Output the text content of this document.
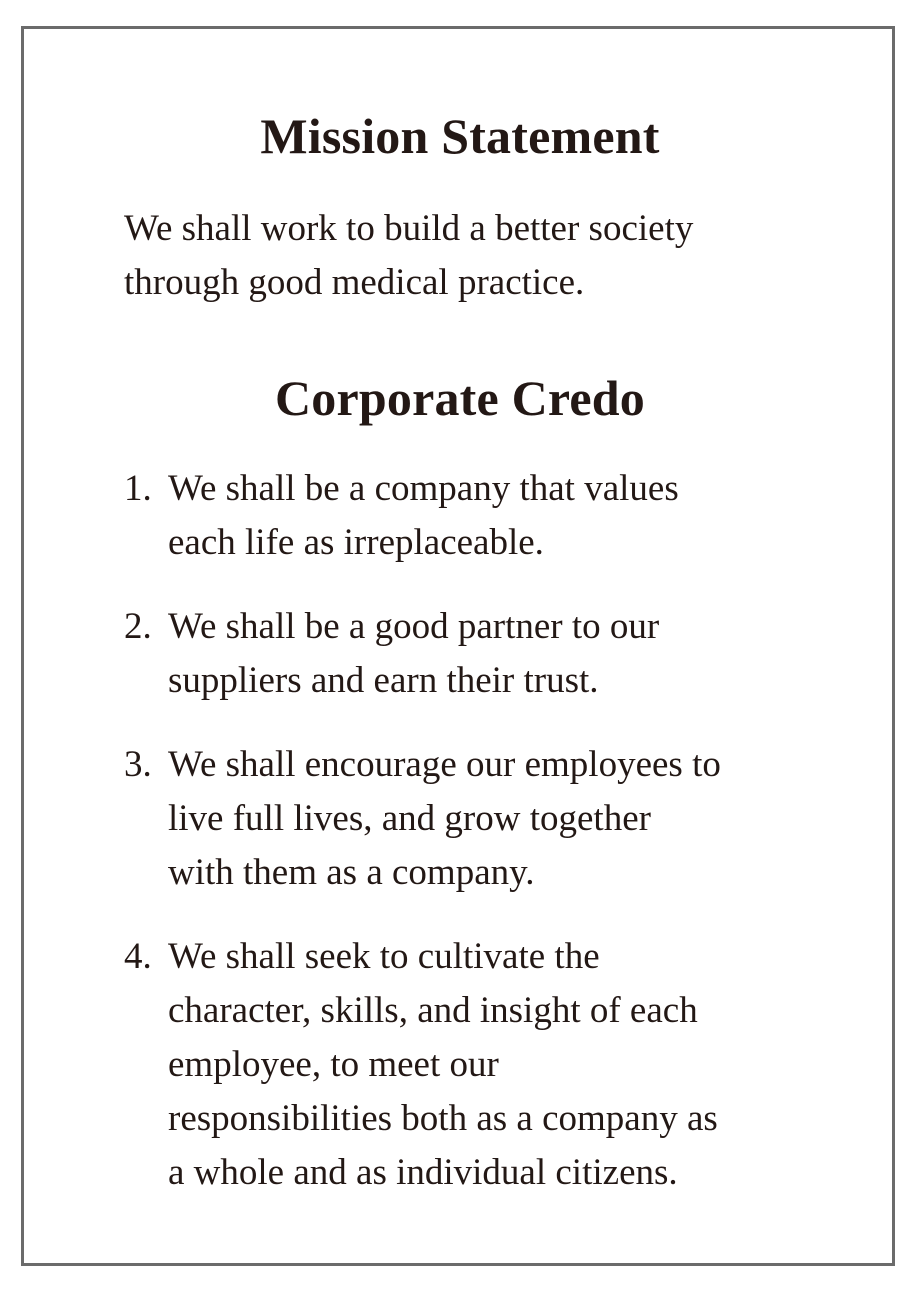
Mission Statement

We shall work to build a better society
through good medical practice.

Corporate Credo
1. We shall be a company that values
each life as irreplaceable.
2. We shall be a good partner to our
suppliers and earn their trust.
3. We shall encourage our employees to
live full lives, and grow together
with them as a company.
4. We shall seek to cultivate the
character, skills, and insight of each
employee, to meet our
responsibilities both as a company as
a whole and as individual citizens.
